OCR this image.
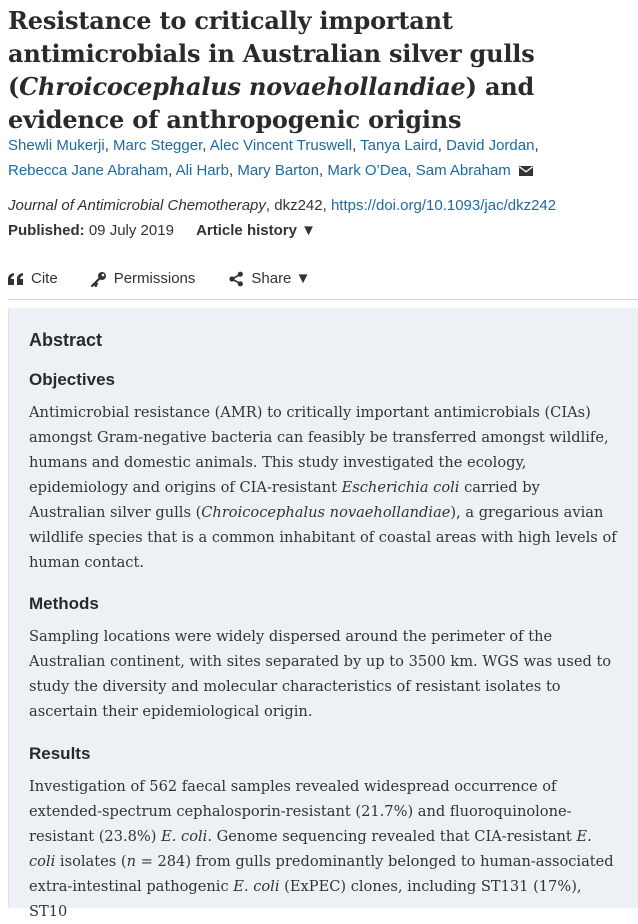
Resistance to critically important antimicrobials in Australian silver gulls (Chroicocephalus novaehollandiae) and evidence of anthropogenic origins
Shewli Mukerji, Marc Stegger, Alec Vincent Truswell, Tanya Laird, David Jordan,
Rebecca Jane Abraham, Ali Harb, Mary Barton, Mark O’Dea, Sam Abraham
Journal of Antimicrobial Chemotherapy, dkz242, https://doi.org/10.1093/jac/dkz242
Published: 09 July 2019 Article history ▼
Cite	Permissions	Share ▼
Abstract
Objectives

Antimicrobial resistance (AMR) to critically important antimicrobials (CIAs) amongst Gram-negative bacteria can feasibly be transferred amongst wildlife, humans and domestic animals. This study investigated the ecology, epidemiology and origins of CIA-resistant Escherichia coli carried by Australian silver gulls (Chroicocephalus novaehollandiae), a gregarious avian wildlife species that is a common inhabitant of coastal areas with high levels of human contact.

Methods

Sampling locations were widely dispersed around the perimeter of the Australian continent, with sites separated by up to 3500 km. WGS was used to study the diversity and molecular characteristics of resistant isolates to ascertain their epidemiological origin.

Results

Investigation of 562 faecal samples revealed widespread occurrence of extended-spectrum cephalosporin-resistant (21.7%) and fluoroquinolone-resistant (23.8%) E. coli. Genome sequencing revealed that CIA-resistant E. coli isolates (n = 284) from gulls predominantly belonged to human-associated extra-intestinal pathogenic E. coli (ExPEC) clones, including ST131 (17%), ST10
